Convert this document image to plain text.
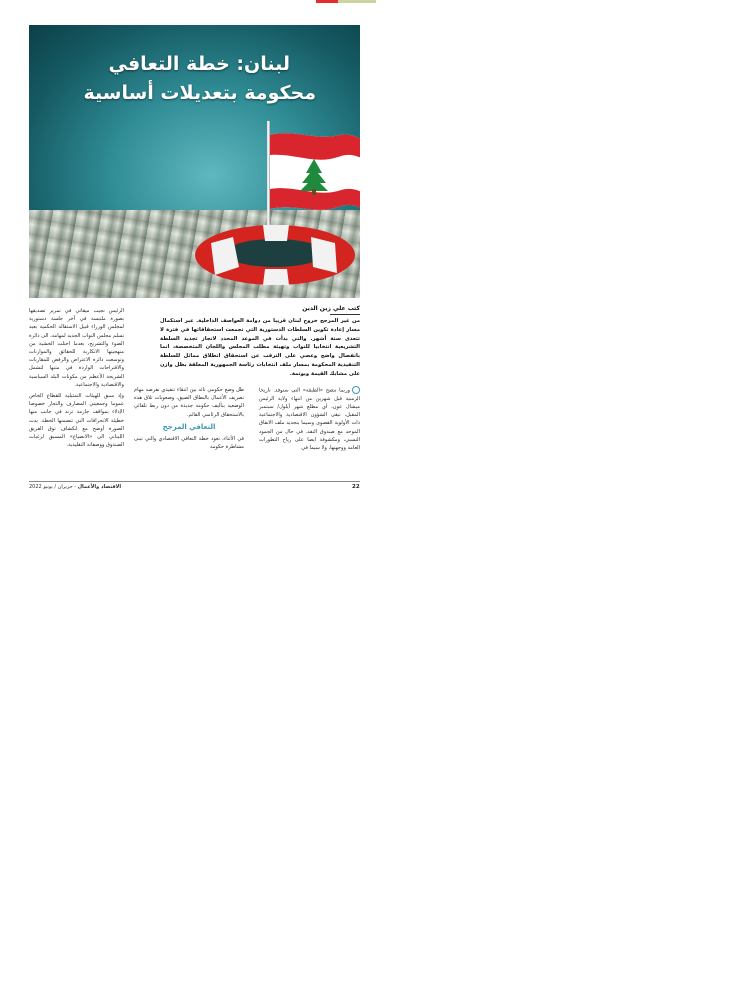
لبنان: خطة التعافي
محكومة بتعديلات أساسية
كتب علي زين الدين
من غير المرجح خروج لبنان قريبا من دوامة العواصف الداخلية. عبر استكمال مسار إعادة تكوين السلطات الدستورية التي تجمعت استحقاقاتها في فترة لا تتعدى ستة أشهر. والتي بدأت في الموعد المحدد لانجاز تجديد السلطة التشريعية انتخابيا للنواب وتهيئة مطلب المجلس واللجان المتخصصة، انما بانفصال واضح وعصي على الترقب عن استحقاق انطلاق مماثل للسلطة التنفيذية المحكومة بمسار ملف انتخابات رئاسة الجمهورية المعلقة بظل وازن على مشابك القيمة وبوتمة.

وربما تتضح «الطبقة» التي ستوفد. تاريخا الزمنية قبل شهرين من انتهاء ولاية الرئيس ميشال عون، أي مطلع شهر أيلول/ سبتمبر المقبل، تبقى الشؤون الاقتصادية والاجتماعية ذات الأولوية القصوى وسيما بتجديد ملف الاتفاق الموحد مع صندوق النقد. في حال من الجمود النسبي، ومكشوفة ايضا على رياح التطورات العامة ووجهتها، ولا سيما في

ظل وضع حكومي تائه بين انتقاء تنفيذي تفرضه مهام تصريف الأعمال بالنطاق الضيق، وصعوبات تلاق هذه الوضعية بتأليف حكومة جديدة من دون ربط تلقائي بالاستحقاق الرئاسي القائم.

التعافي المرجح

في الأثناء، تعود خطة التعافي الاقتصادي والتي تبنى مشاطرة حكومة

الرئيس نجيب ميقاتي في تمرير تصديقها بصورة ملتبسة في آخر جلسة دستورية لمجلس الوزراء قبيل الاستقالة الحكمية بعيد تسلم مجلس النواب الجديد لمهامه، الى دائرة الضوء والتشريح، بعدما احتلت الخشية من منهجيتها الانكارية للحقائق والموازنات وتوسعت دائرة الاعتراض والرفض للمقاربات والاقتراحات الواردة في متنها لتشمل الشريحة الأعظم من مكونات البلد السياسية والاقتصادية والاجتماعية.

وإذ سبق للهيئات التمثيلية للقطاع الخاص عموما وجمعيتي المصارف والتجار خصوصا الإدلاء بمواقف جازمة ترتد في جانب منها خطيئة الانحرافات التي تتضمنها الخطة. بدت الصورة أوضح مع انكشاف توق الفريق اللبناني الى «الانصياع» المسبق لرغبات الصندوق ووصفاته التقليدية.

22
الاقتصاد والأعمال - حزيران / يونيو 2022
